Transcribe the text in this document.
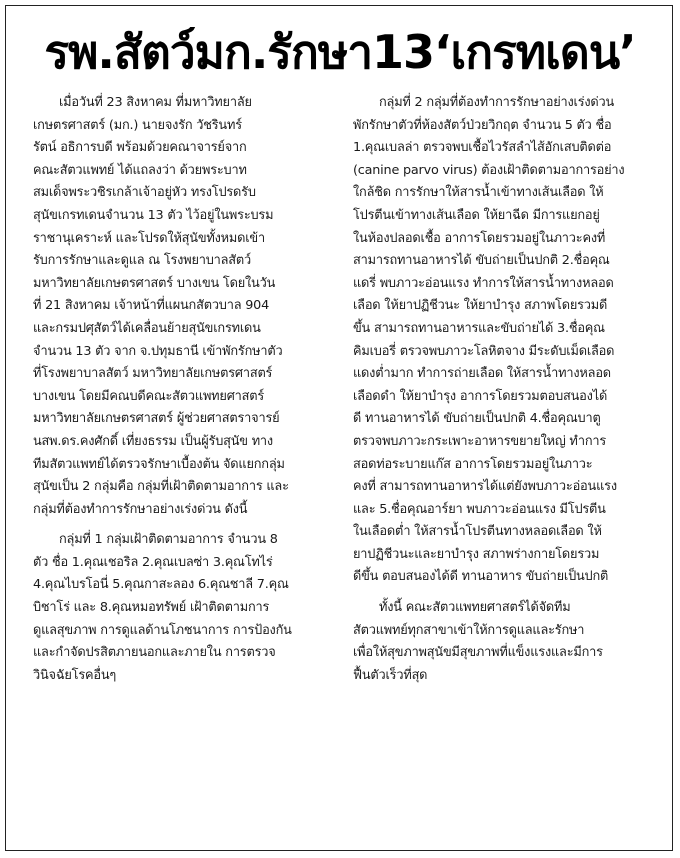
รพ.สัตว์มก.รักษา13‘เกรทเดน’
เมื่อวันที่ 23 สิงหาคม ที่มหาวิทยาลัย
เกษตรศาสตร์ (มก.) นายจงรัก วัชรินทร์
รัตน์ อธิการบดี พร้อมด้วยคณาจารย์จาก
คณะสัตวแพทย์ ได้แถลงว่า ด้วยพระบาท
สมเด็จพระวชิรเกล้าเจ้าอยู่หัว ทรงโปรดรับ
สุนัขเกรทเดนจำนวน 13 ตัว ไว้อยู่ในพระบรม
ราชานุเคราะห์ และโปรดให้สุนัขทั้งหมดเข้า
รับการรักษาและดูแล ณ โรงพยาบาลสัตว์
มหาวิทยาลัยเกษตรศาสตร์ บางเขน โดยในวัน
ที่ 21 สิงหาคม เจ้าหน้าที่แผนกสัตวบาล 904
และกรมปศุสัตว์ได้เคลื่อนย้ายสุนัขเกรทเดน
จำนวน 13 ตัว จาก จ.ปทุมธานี เข้าพักรักษาตัว
ที่โรงพยาบาลสัตว์ มหาวิทยาลัยเกษตรศาสตร์
บางเขน โดยมีคณบดีคณะสัตวแพทยศาสตร์
มหาวิทยาลัยเกษตรศาสตร์ ผู้ช่วยศาสตราจารย์
นสพ.ดร.คงศักดิ์ เที่ยงธรรม เป็นผู้รับสุนัข ทาง
ทีมสัตวแพทย์ได้ตรวจรักษาเบื้องต้น จัดแยกกลุ่ม
สุนัขเป็น 2 กลุ่มคือ กลุ่มที่เฝ้าติดตามอาการ และ
กลุ่มที่ต้องทำการรักษาอย่างเร่งด่วน ดังนี้
กลุ่มที่ 1 กลุ่มเฝ้าติดตามอาการ จำนวน 8
ตัว ชื่อ 1.คุณเชอริล 2.คุณเบลซ่า 3.คุณโทไร่
4.คุณไบรโอนี่ 5.คุณกาสะลอง 6.คุณชาลี 7.คุณ
บิชาโร่ และ 8.คุณหมอทรัพย์ เฝ้าติดตามการ
ดูแลสุขภาพ การดูแลด้านโภชนาการ การป้องกัน
และกำจัดปรสิตภายนอกและภายใน การตรวจ
วินิจฉัยโรคอื่นๆ
กลุ่มที่ 2 กลุ่มที่ต้องทำการรักษาอย่างเร่งด่วน
พักรักษาตัวที่ห้องสัตว์ป่วยวิกฤต จำนวน 5 ตัว ชื่อ
1.คุณเบลล่า ตรวจพบเชื้อไวรัสลำไส้อักเสบติดต่อ
(canine parvo virus) ต้องเฝ้าติดตามอาการอย่าง
ใกล้ชิด การรักษาให้สารน้ำเข้าทางเส้นเลือด ให้
โปรตีนเข้าทางเส้นเลือด ให้ยาฉีด มีการแยกอยู่
ในห้องปลอดเชื้อ อาการโดยรวมอยู่ในภาวะคงที่
สามารถทานอาหารได้ ขับถ่ายเป็นปกติ 2.ชื่อคุณ
แดรี่ พบภาวะอ่อนแรง ทำการให้สารน้ำทางหลอด
เลือด ให้ยาปฏิชีวนะ ให้ยาบำรุง สภาพโดยรวมดี
ขึ้น สามารถทานอาหารและขับถ่ายได้ 3.ชื่อคุณ
คิมเบอรี่ ตรวจพบภาวะโลหิตจาง มีระดับเม็ดเลือด
แดงต่ำมาก ทำการถ่ายเลือด ให้สารน้ำทางหลอด
เลือดดำ ให้ยาบำรุง อาการโดยรวมตอบสนองได้
ดี ทานอาหารได้ ขับถ่ายเป็นปกติ 4.ชื่อคุณบาตู
ตรวจพบภาวะกระเพาะอาหารขยายใหญ่ ทำการ
สอดท่อระบายแก๊ส อาการโดยรวมอยู่ในภาวะ
คงที่ สามารถทานอาหารได้แต่ยังพบภาวะอ่อนแรง
และ 5.ชื่อคุณอาร์ยา พบภาวะอ่อนแรง มีโปรตีน
ในเลือดต่ำ ให้สารน้ำโปรตีนทางหลอดเลือด ให้
ยาปฏิชีวนะและยาบำรุง สภาพร่างกายโดยรวม
ดีขึ้น ตอบสนองได้ดี ทานอาหาร ขับถ่ายเป็นปกติ
ทั้งนี้ คณะสัตวแพทยศาสตร์ได้จัดทีม
สัตวแพทย์ทุกสาขาเข้าให้การดูแลและรักษา
เพื่อให้สุขภาพสุนัขมีสุขภาพที่แข็งแรงและมีการ
ฟื้นตัวเร็วที่สุด
